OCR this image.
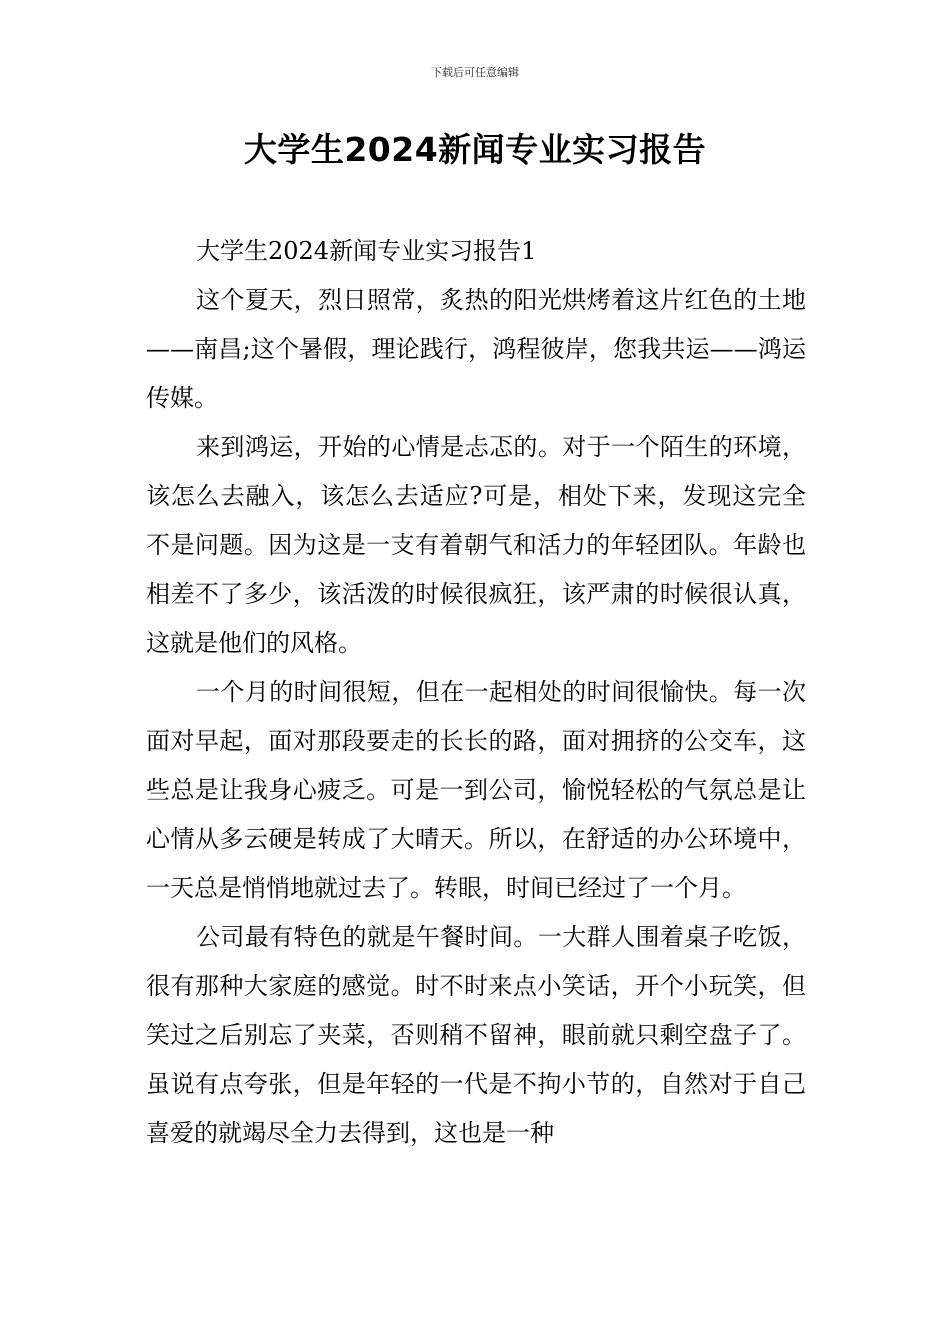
下载后可任意编辑
大学生2024新闻专业实习报告

大学生2024新闻专业实习报告1

这个夏天，烈日照常，炙热的阳光烘烤着这片红色的土地——南昌;这个暑假，理论践行，鸿程彼岸，您我共运——鸿运传媒。

来到鸿运，开始的心情是忐忑的。对于一个陌生的环境，该怎么去融入，该怎么去适应?可是，相处下来，发现这完全不是问题。因为这是一支有着朝气和活力的年轻团队。年龄也相差不了多少，该活泼的时候很疯狂，该严肃的时候很认真，这就是他们的风格。

一个月的时间很短，但在一起相处的时间很愉快。每一次面对早起，面对那段要走的长长的路，面对拥挤的公交车，这些总是让我身心疲乏。可是一到公司，愉悦轻松的气氛总是让心情从多云硬是转成了大晴天。所以，在舒适的办公环境中，一天总是悄悄地就过去了。转眼，时间已经过了一个月。

公司最有特色的就是午餐时间。一大群人围着桌子吃饭，很有那种大家庭的感觉。时不时来点小笑话，开个小玩笑，但笑过之后别忘了夹菜，否则稍不留神，眼前就只剩空盘子了。虽说有点夸张，但是年轻的一代是不拘小节的，自然对于自己喜爱的就竭尽全力去得到，这也是一种
